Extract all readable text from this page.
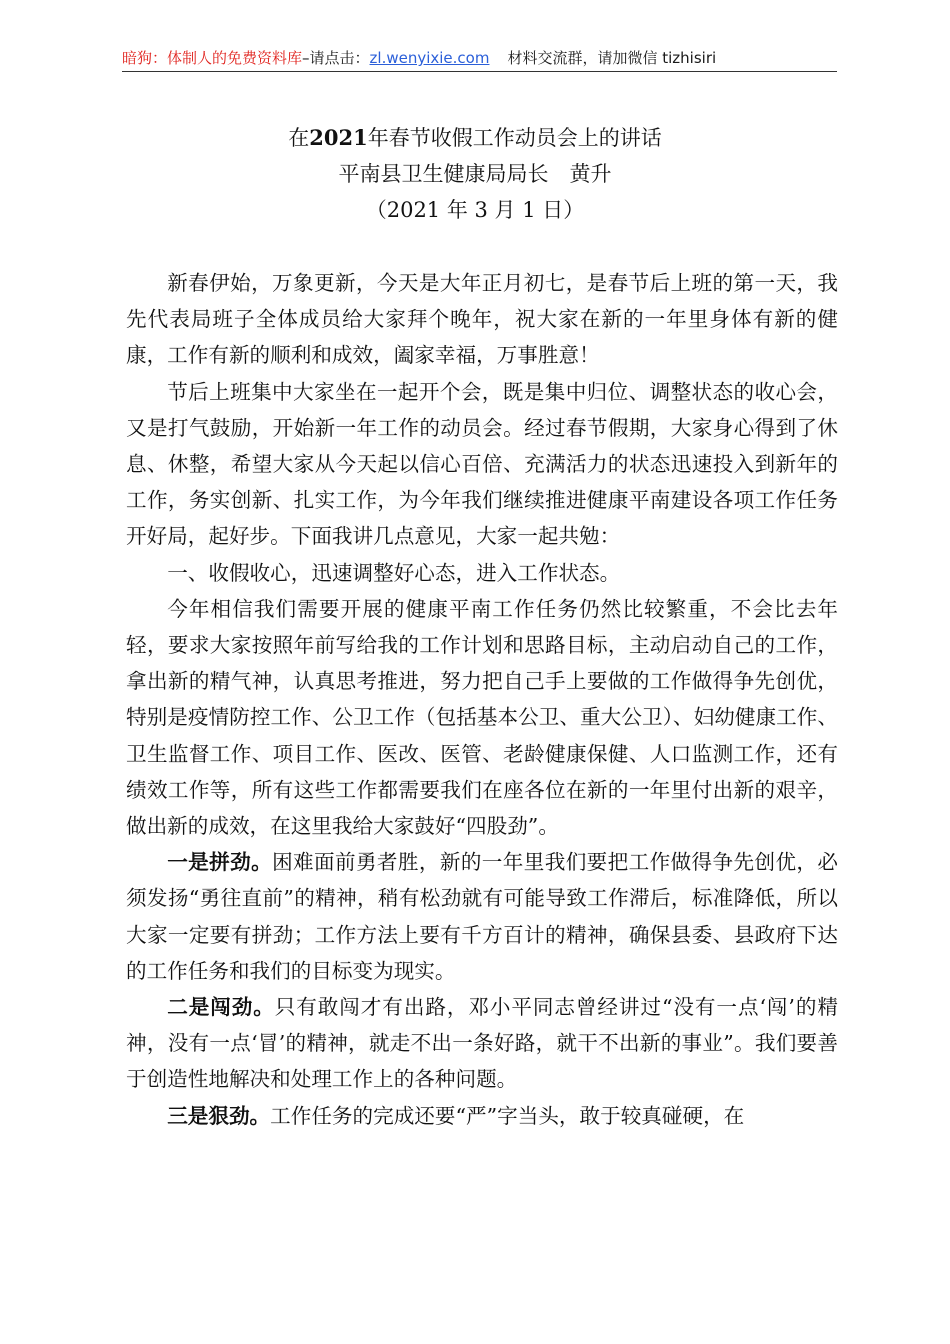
暗狗：体制人的免费资料库–请点击：zl.wenyixie.com 材料交流群，请加微信 tizhisiri
在2021年春节收假工作动员会上的讲话
平南县卫生健康局局长　黄升
（2021 年 3 月 1 日）

新春伊始，万象更新，今天是大年正月初七，是春节后上班的第一天，我先代表局班子全体成员给大家拜个晚年，祝大家在新的一年里身体有新的健康，工作有新的顺利和成效，阖家幸福，万事胜意！

节后上班集中大家坐在一起开个会，既是集中归位、调整状态的收心会，又是打气鼓励，开始新一年工作的动员会。经过春节假期，大家身心得到了休息、休整，希望大家从今天起以信心百倍、充满活力的状态迅速投入到新年的工作，务实创新、扎实工作，为今年我们继续推进健康平南建设各项工作任务开好局，起好步。下面我讲几点意见，大家一起共勉：

一、收假收心，迅速调整好心态，进入工作状态。

今年相信我们需要开展的健康平南工作任务仍然比较繁重，不会比去年轻，要求大家按照年前写给我的工作计划和思路目标，主动启动自己的工作，拿出新的精气神，认真思考推进，努力把自己手上要做的工作做得争先创优，特别是疫情防控工作、公卫工作（包括基本公卫、重大公卫）、妇幼健康工作、卫生监督工作、项目工作、医改、医管、老龄健康保健、人口监测工作，还有绩效工作等，所有这些工作都需要我们在座各位在新的一年里付出新的艰辛，做出新的成效，在这里我给大家鼓好“四股劲”。

一是拼劲。困难面前勇者胜，新的一年里我们要把工作做得争先创优，必须发扬“勇往直前”的精神，稍有松劲就有可能导致工作滞后，标准降低，所以大家一定要有拼劲；工作方法上要有千方百计的精神，确保县委、县政府下达的工作任务和我们的目标变为现实。

二是闯劲。只有敢闯才有出路，邓小平同志曾经讲过“没有一点‘闯’的精神，没有一点‘冒’的精神，就走不出一条好路，就干不出新的事业”。我们要善于创造性地解决和处理工作上的各种问题。

三是狠劲。工作任务的完成还要“严”字当头，敢于较真碰硬，在
